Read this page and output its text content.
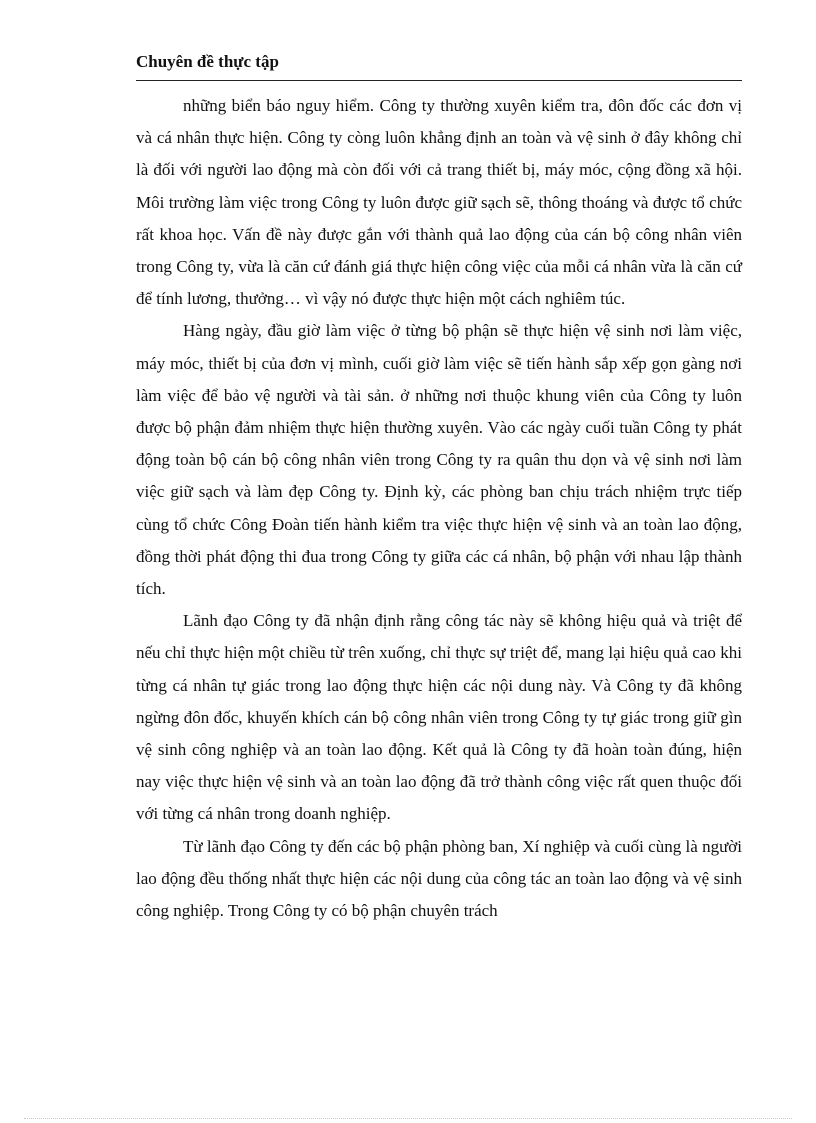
Chuyên đề thực tập

những biển báo nguy hiểm. Công ty thường xuyên kiểm tra, đôn đốc các đơn vị và cá nhân thực hiện. Công ty còng luôn khẳng định an toàn và vệ sinh ở đây không chỉ là đối với người lao động mà còn đối với cả trang thiết bị, máy móc, cộng đồng xã hội. Môi trường làm việc trong Công ty luôn được giữ sạch sẽ, thông thoáng và được tổ chức rất khoa học. Vấn đề này được gắn với thành quả lao động của cán bộ công nhân viên trong Công ty, vừa là căn cứ đánh giá thực hiện công việc của mỗi cá nhân vừa là căn cứ để tính lương, thưởng… vì vậy nó được thực hiện một cách nghiêm túc.

Hàng ngày, đầu giờ làm việc ở từng bộ phận sẽ thực hiện vệ sinh nơi làm việc, máy móc, thiết bị của đơn vị mình, cuối giờ làm việc sẽ tiến hành sắp xếp gọn gàng nơi làm việc để bảo vệ người và tài sản. ở những nơi thuộc khung viên của Công ty luôn được bộ phận đảm nhiệm thực hiện thường xuyên. Vào các ngày cuối tuần Công ty phát động toàn bộ cán bộ công nhân viên trong Công ty ra quân thu dọn và vệ sinh nơi làm việc giữ sạch và làm đẹp Công ty. Định kỳ, các phòng ban chịu trách nhiệm trực tiếp cùng tổ chức Công Đoàn tiến hành kiểm tra việc thực hiện vệ sinh và an toàn lao động, đồng thời phát động thi đua trong Công ty giữa các cá nhân, bộ phận với nhau lập thành tích.

Lãnh đạo Công ty đã nhận định rằng công tác này sẽ không hiệu quả và triệt để nếu chỉ thực hiện một chiều từ trên xuống, chỉ thực sự triệt để, mang lại hiệu quả cao khi từng cá nhân tự giác trong lao động thực hiện các nội dung này. Và Công ty đã không ngừng đôn đốc, khuyến khích cán bộ công nhân viên trong Công ty tự giác trong giữ gìn vệ sinh công nghiệp và an toàn lao động. Kết quả là Công ty đã hoàn toàn đúng, hiện nay việc thực hiện vệ sinh và an toàn lao động đã trở thành công việc rất quen thuộc đối với từng cá nhân trong doanh nghiệp.

Từ lãnh đạo Công ty đến các bộ phận phòng ban, Xí nghiệp và cuối cùng là người lao động đều thống nhất thực hiện các nội dung của công tác an toàn lao động và vệ sinh công nghiệp. Trong Công ty có bộ phận chuyên trách
